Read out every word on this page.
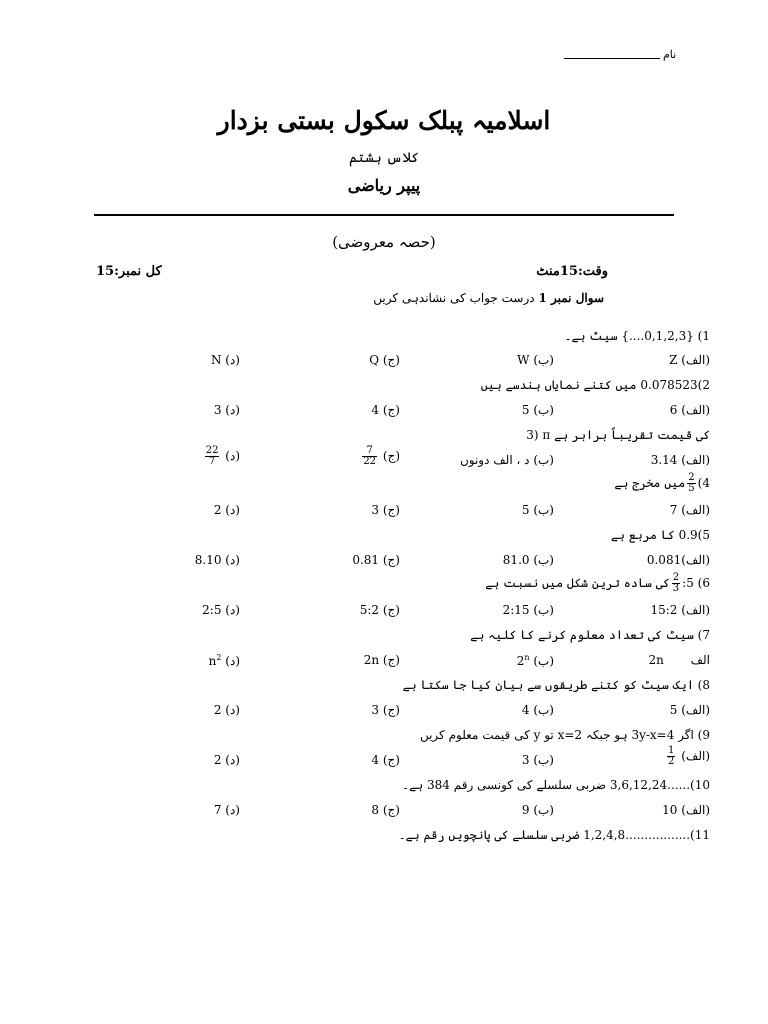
نام
اسلامیہ پبلک سکول بستی بزدار
کلاس ہشتم
پیپر ریاضی
(حصہ معروضی)
وقت:15منٹ
کل نمبر:15
سوال نمبر 1 درست جواب کی نشاندہی کریں
1) {0,1,2,3....} سیٹ ہے۔
(الف) Z
(ب) W
(ج) Q
(د) N
2)0.078523 میں کتنے نمایاں ہندسے ہیں
(الف) 6
(ب) 5
(ج) 4
(د) 3
3) π کی قیمت تقریباً برابر ہے
(الف) 3.14
(ب) د ، الف دونوں
$\frac{7}{22}$ (ج)
$\frac{22}{7}$ (د)
4)
$\frac{2}{5}$
میں مخرج ہے
(الف) 7
(ب) 5
(ج) 3
(د) 2
5)0.9 کا مربع ہے
(الف)0.081
(ب) 81.0
(ج) 0.81
(د) 8.10
6) 5:
$\frac{2}{3}$
کی سادہ ترین شکل میں نسبت ہے
(الف) 15:2
(ب) 2:15
(ج) 5:2
(د) 2:5
7) سیٹ کی تعداد معلوم کرنے کا کلیہ ہے
2n الف
2$^n$ (ب)
(ج) 2n
$n^2$ (د)
8) ایک سیٹ کو کتنے طریقوں سے بیان کیا جا سکتا ہے
(الف) 5
(ب) 4
(ج) 3
(د) 2
9) اگر 3y-x=4 ہو جبکہ x=2 تو y کی قیمت معلوم کریں
$\frac{1}{2}$ (الف)
(ب) 3
(ج) 4
(د) 2
10)......3,6,12,24 ضربی سلسلے کی کونسی رقم 384 ہے۔
(الف) 10
(ب) 9
(ج) 8
(د) 7
11).................1,2,4,8 ضربی سلسلے کی پانچویں رقم ہے۔
